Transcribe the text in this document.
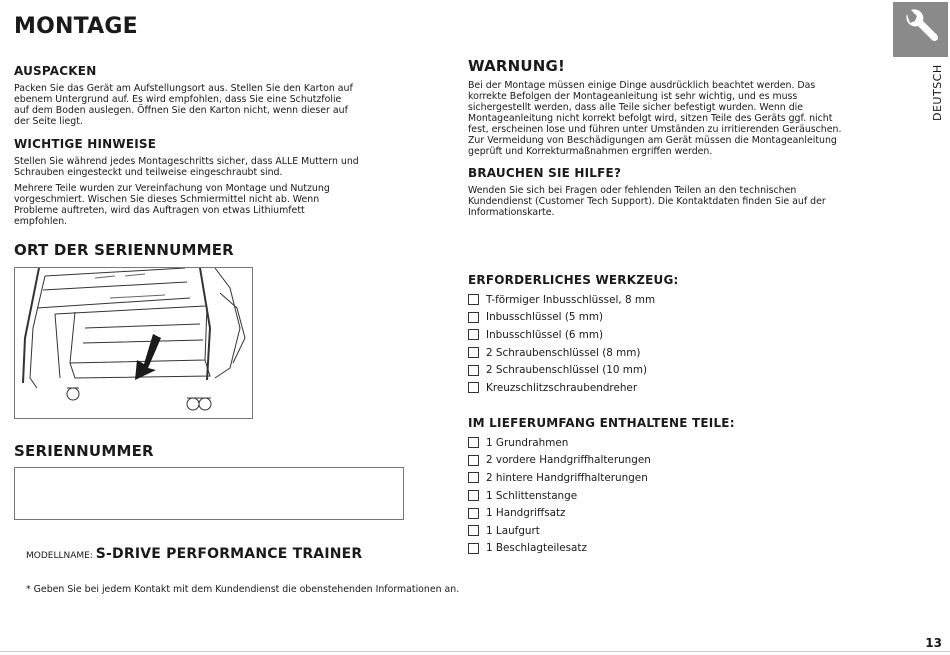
MONTAGE
AUSPACKEN
Packen Sie das Gerät am Aufstellungsort aus. Stellen Sie den Karton auf ebenem Untergrund auf. Es wird empfohlen, dass Sie eine Schutzfolie auf dem Boden auslegen. Öffnen Sie den Karton nicht, wenn dieser auf der Seite liegt.
WICHTIGE HINWEISE
Stellen Sie während jedes Montageschritts sicher, dass ALLE Muttern und Schrauben eingesteckt und teilweise eingeschraubt sind.
Mehrere Teile wurden zur Vereinfachung von Montage und Nutzung vorgeschmiert. Wischen Sie dieses Schmiermittel nicht ab. Wenn Probleme auftreten, wird das Auftragen von etwas Lithiumfett empfohlen.
ORT DER SERIENNUMMER
SERIENNUMMER
MODELLNAME: S-DRIVE PERFORMANCE TRAINER
* Geben Sie bei jedem Kontakt mit dem Kundendienst die obenstehenden Informationen an.
WARNUNG!
Bei der Montage müssen einige Dinge ausdrücklich beachtet werden. Das korrekte Befolgen der Montageanleitung ist sehr wichtig, und es muss sichergestellt werden, dass alle Teile sicher befestigt wurden. Wenn die Montageanleitung nicht korrekt befolgt wird, sitzen Teile des Geräts ggf. nicht fest, erscheinen lose und führen unter Umständen zu irritierenden Geräuschen. Zur Vermeidung von Beschädigungen am Gerät müssen die Montageanleitung geprüft und Korrekturmaßnahmen ergriffen werden.
BRAUCHEN SIE HILFE?
Wenden Sie sich bei Fragen oder fehlenden Teilen an den technischen Kundendienst (Customer Tech Support). Die Kontaktdaten finden Sie auf der Informationskarte.
ERFORDERLICHES WERKZEUG:
T-förmiger Inbusschlüssel, 8 mm
Inbusschlüssel (5 mm)
Inbusschlüssel (6 mm)
2 Schraubenschlüssel (8 mm)
2 Schraubenschlüssel (10 mm)
Kreuzschlitzschraubendreher
IM LIEFERUMFANG ENTHALTENE TEILE:
1 Grundrahmen
2 vordere Handgriffhalterungen
2 hintere Handgriffhalterungen
1 Schlittenstange
1 Handgriffsatz
1 Laufgurt
1 Beschlagteilesatz
DEUTSCH
13
